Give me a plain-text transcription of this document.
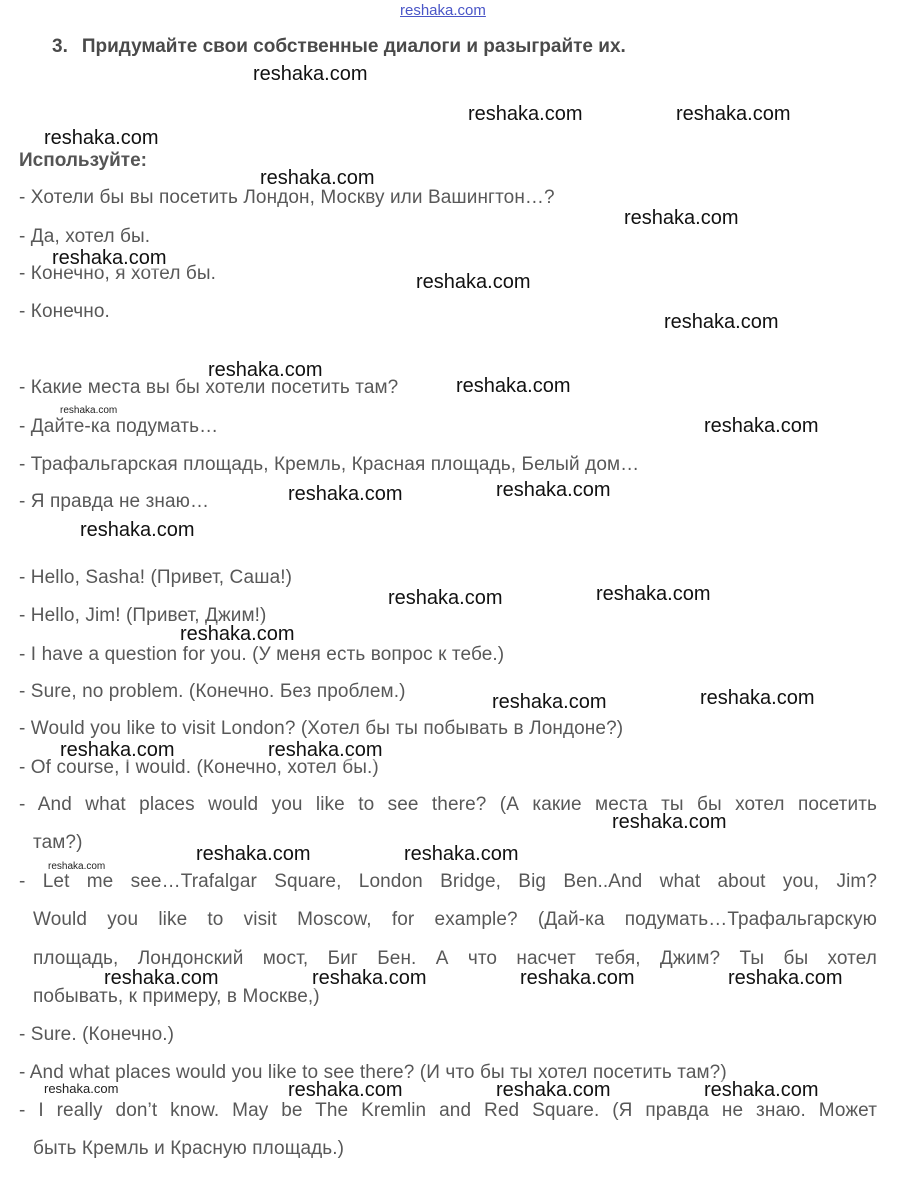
reshaka.com
3. Придумайте свои собственные диалоги и разыграйте их.
Используйте:
- Хотели бы вы посетить Лондон, Москву или Вашингтон…?
- Да, хотел бы.
- Конечно, я хотел бы.
- Конечно.
- Какие места вы бы хотели посетить там?
- Дайте-ка подумать…
- Трафальгарская площадь, Кремль, Красная площадь, Белый дом…
- Я правда не знаю…
- Hello, Sasha! (Привет, Саша!)
- Hello, Jim! (Привет, Джим!)
- I have a question for you. (У меня есть вопрос к тебе.)
- Sure, no problem. (Конечно. Без проблем.)
- Would you like to visit London? (Хотел бы ты побывать в Лондоне?)
- Of course, I would. (Конечно, хотел бы.)
- And what places would you like to see there? (А какие места ты бы хотел посетить
там?)
- Let me see…Trafalgar Square, London Bridge, Big Ben..And what about you, Jim?
Would you like to visit Moscow, for example? (Дай-ка подумать…Трафальгарскую
площадь, Лондонский мост, Биг Бен. А что насчет тебя, Джим? Ты бы хотел
побывать, к примеру, в Москве,)
- Sure. (Конечно.)
- And what places would you like to see there? (И что бы ты хотел посетить там?)
- I really don’t know. May be The Kremlin and Red Square. (Я правда не знаю. Может
быть Кремль и Красную площадь.)
reshaka.com
reshaka.com	reshaka.com
reshaka.com
reshaka.com
reshaka.com
reshaka.com
reshaka.com
reshaka.com
reshaka.com
reshaka.com
reshaka.com
reshaka.com
reshaka.com	reshaka.com
reshaka.com
reshaka.com	reshaka.com
reshaka.com
reshaka.com	reshaka.com
reshaka.com	reshaka.com
reshaka.com
reshaka.com	reshaka.com
reshaka.com
reshaka.com	reshaka.com	reshaka.com	reshaka.com
reshaka.com	reshaka.com	reshaka.com	reshaka.com
